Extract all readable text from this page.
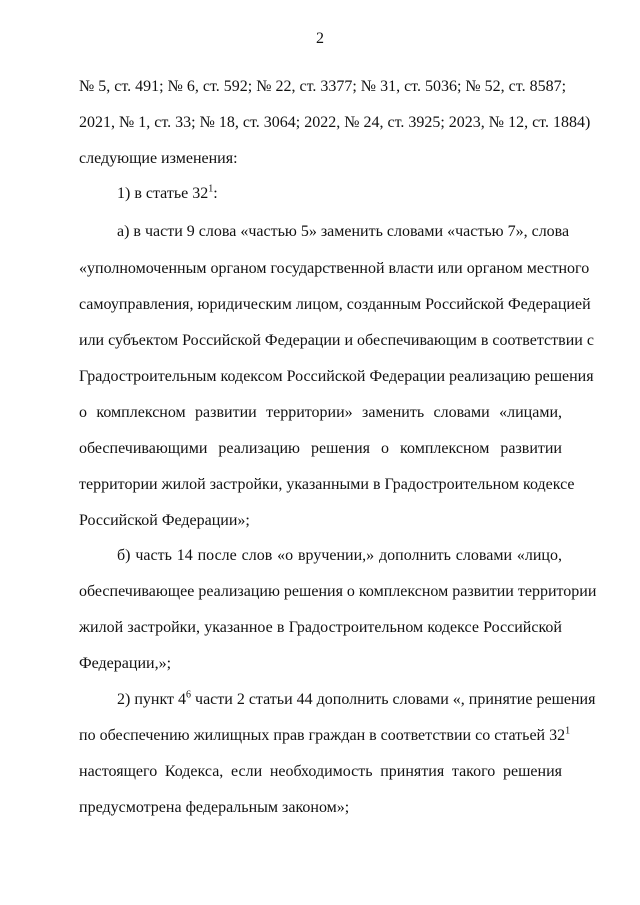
2
№ 5, ст. 491; № 6, ст. 592; № 22, ст. 3377; № 31, ст. 5036; № 52, ст. 8587;
2021, № 1, ст. 33; № 18, ст. 3064; 2022, № 24, ст. 3925; 2023, № 12, ст. 1884)
следующие изменения:
1) в статье $32^1$:
а) в части 9 слова «частью 5» заменить словами «частью 7», слова
«уполномоченным органом государственной власти или органом местного
самоуправления, юридическим лицом, созданным Российской Федерацией
или субъектом Российской Федерации и обеспечивающим в соответствии с
Градостроительным кодексом Российской Федерации реализацию решения
о комплексном развитии территории» заменить словами «лицами,
обеспечивающими реализацию решения о комплексном развитии
территории жилой застройки, указанными в Градостроительном кодексе
Российской Федерации»;
б) часть 14 после слов «о вручении,» дополнить словами «лицо,
обеспечивающее реализацию решения о комплексном развитии территории
жилой застройки, указанное в Градостроительном кодексе Российской
Федерации,»;
2) пункт $4^6$ части 2 статьи 44 дополнить словами «, принятие решения
по обеспечению жилищных прав граждан в соответствии со статьей $32^1$
настоящего Кодекса, если необходимость принятия такого решения
предусмотрена федеральным законом»;
